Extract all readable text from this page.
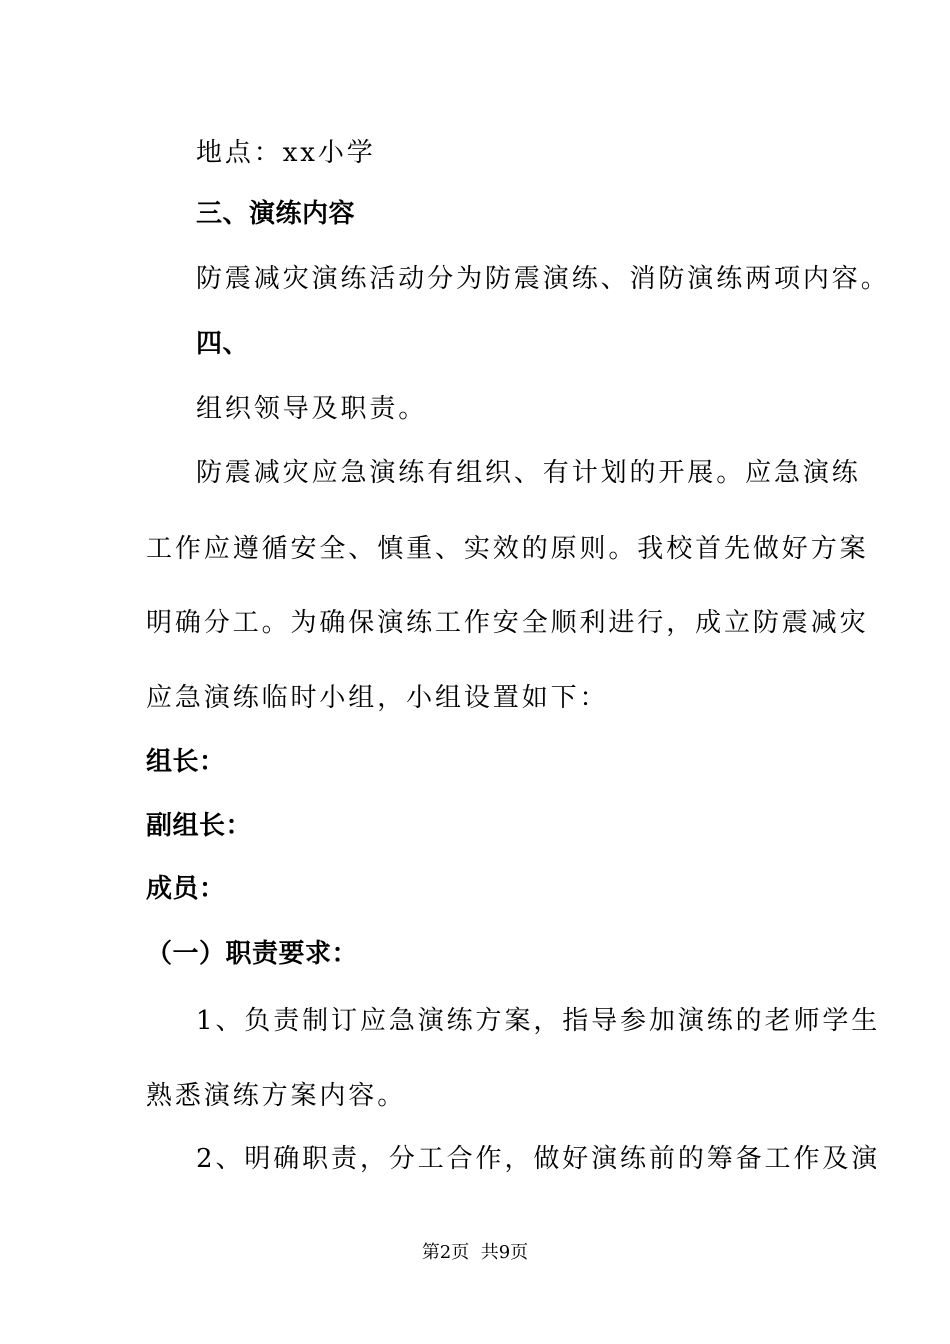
地点：xx小学
三、演练内容
防震减灾演练活动分为防震演练、消防演练两项内容。
四、
组织领导及职责。
防震减灾应急演练有组织、有计划的开展。应急演练
工作应遵循安全、慎重、实效的原则。我校首先做好方案
明确分工。为确保演练工作安全顺利进行，成立防震减灾
应急演练临时小组，小组设置如下：
组长：
副组长：
成员：
（一）职责要求：
1、负责制订应急演练方案，指导参加演练的老师学生
熟悉演练方案内容。
2、明确职责，分工合作，做好演练前的筹备工作及演
第2页  共9页
